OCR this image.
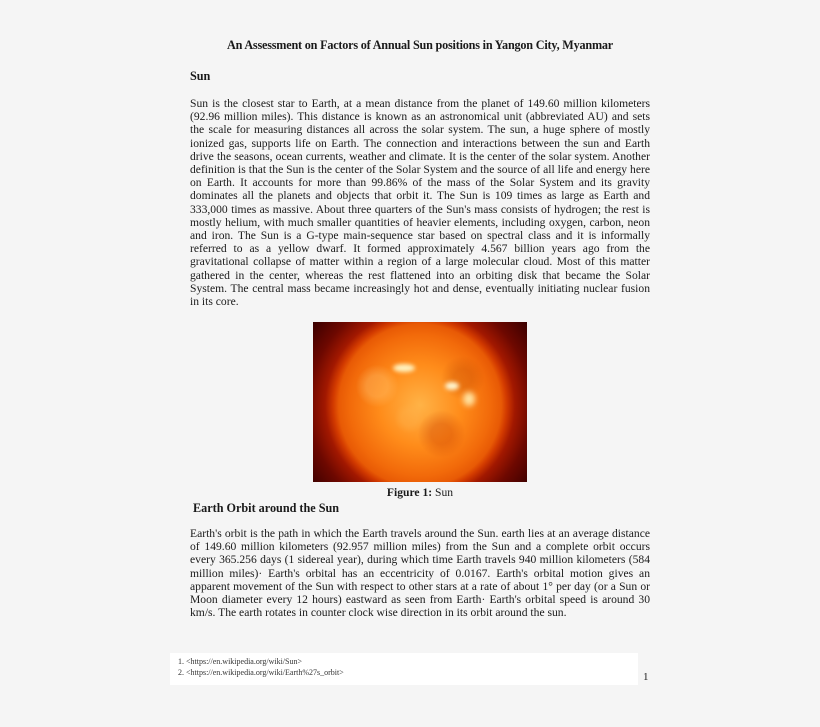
An Assessment on Factors of Annual Sun positions in Yangon City, Myanmar
Sun

Sun is the closest star to Earth, at a mean distance from the planet of 149.60 million kilometers (92.96 million miles). This distance is known as an astronomical unit (abbreviated AU) and sets the scale for measuring distances all across the solar system. The sun, a huge sphere of mostly ionized gas, supports life on Earth. The connection and interactions between the sun and Earth drive the seasons, ocean currents, weather and climate. It is the center of the solar system. Another definition is that the Sun is the center of the Solar System and the source of all life and energy here on Earth. It accounts for more than 99.86% of the mass of the Solar System and its gravity dominates all the planets and objects that orbit it. The Sun is 109 times as large as Earth and 333,000 times as massive. About three quarters of the Sun's mass consists of hydrogen; the rest is mostly helium, with much smaller quantities of heavier elements, including oxygen, carbon, neon and iron. The Sun is a G-type main-sequence star based on spectral class and it is informally referred to as a yellow dwarf. It formed approximately 4.567 billion years ago from the gravitational collapse of matter within a region of a large molecular cloud. Most of this matter gathered in the center, whereas the rest flattened into an orbiting disk that became the Solar System. The central mass became increasingly hot and dense, eventually initiating nuclear fusion in its core.

Figure 1: Sun
Earth Orbit around the Sun

Earth's orbit is the path in which the Earth travels around the Sun. earth lies at an average distance of 149.60 million kilometers (92.957 million miles) from the Sun and a complete orbit occurs every 365.256 days (1 sidereal year), during which time Earth travels 940 million kilometers (584 million miles)· Earth's orbital has an eccentricity of 0.0167. Earth's orbital motion gives an apparent movement of the Sun with respect to other stars at a rate of about 1° per day (or a Sun or Moon diameter every 12 hours) eastward as seen from Earth· Earth's orbital speed is around 30 km/s. The earth rotates in counter clock wise direction in its orbit around the sun.

1. <https://en.wikipedia.org/wiki/Sun>
2. <https://en.wikipedia.org/wiki/Earth%27s_orbit>	1
